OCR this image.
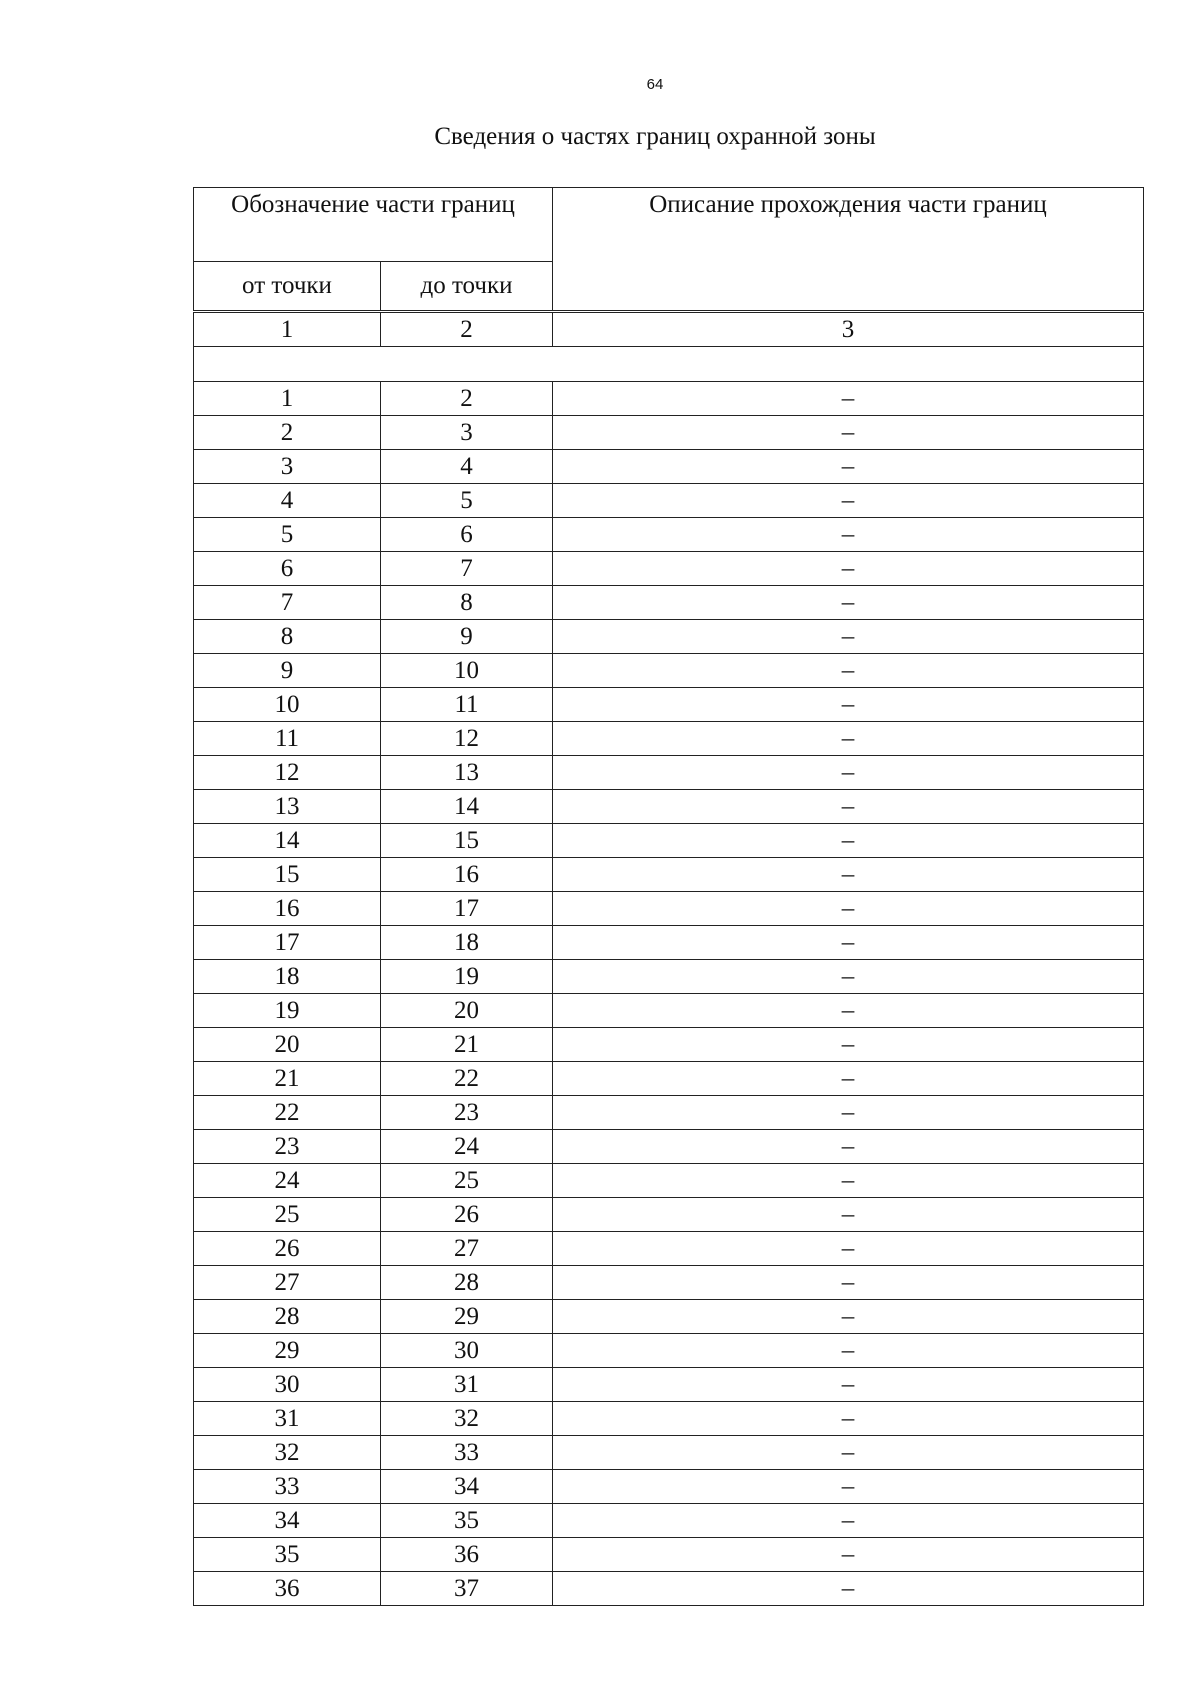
64
Сведения о частях границ охранной зоны
Обозначение части границ		Описание прохождения части границ
от точки	до точки	
1	2	3

1	2	–
2	3	–
3	4	–
4	5	–
5	6	–
6	7	–
7	8	–
8	9	–
9	10	–
10	11	–
11	12	–
12	13	–
13	14	–
14	15	–
15	16	–
16	17	–
17	18	–
18	19	–
19	20	–
20	21	–
21	22	–
22	23	–
23	24	–
24	25	–
25	26	–
26	27	–
27	28	–
28	29	–
29	30	–
30	31	–
31	32	–
32	33	–
33	34	–
34	35	–
35	36	–
36	37	–
